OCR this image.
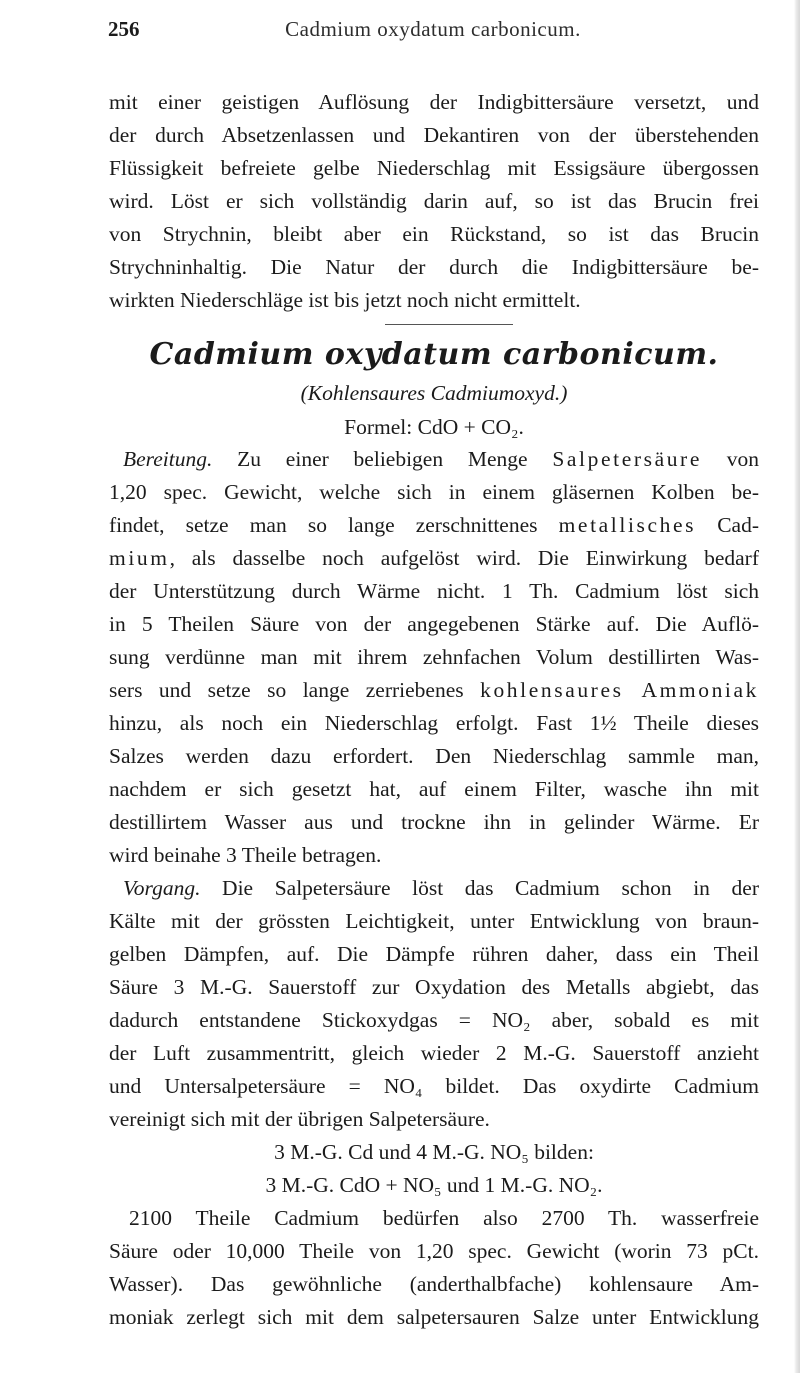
256	Cadmium oxydatum carbonicum.
mit einer geistigen Auflösung der Indigbittersäure versetzt, und
der durch Absetzenlassen und Dekantiren von der überstehenden
Flüssigkeit befreiete gelbe Niederschlag mit Essigsäure übergossen
wird. Löst er sich vollständig darin auf, so ist das Brucin frei
von Strychnin, bleibt aber ein Rückstand, so ist das Brucin
Strychninhaltig. Die Natur der durch die Indigbittersäure be-
wirkten Niederschläge ist bis jetzt noch nicht ermittelt.
Cadmium oxydatum carbonicum.
(Kohlensaures Cadmiumoxyd.)
Formel: CdO + CO₂.
Bereitung. Zu einer beliebigen Menge Salpetersäure von
1,20 spec. Gewicht, welche sich in einem gläsernen Kolben be-
findet, setze man so lange zerschnittenes metallisches Cad-
mium, als dasselbe noch aufgelöst wird. Die Einwirkung bedarf
der Unterstützung durch Wärme nicht. 1 Th. Cadmium löst sich
in 5 Theilen Säure von der angegebenen Stärke auf. Die Auflö-
sung verdünne man mit ihrem zehnfachen Volum destillirten Was-
sers und setze so lange zerriebenes kohlensaures Ammoniak
hinzu, als noch ein Niederschlag erfolgt. Fast 1½ Theile dieses
Salzes werden dazu erfordert. Den Niederschlag sammle man,
nachdem er sich gesetzt hat, auf einem Filter, wasche ihn mit
destillirtem Wasser aus und trockne ihn in gelinder Wärme. Er
wird beinahe 3 Theile betragen.
Vorgang. Die Salpetersäure löst das Cadmium schon in der
Kälte mit der grössten Leichtigkeit, unter Entwicklung von braun-
gelben Dämpfen, auf. Die Dämpfe rühren daher, dass ein Theil
Säure 3 M.-G. Sauerstoff zur Oxydation des Metalls abgiebt, das
dadurch entstandene Stickoxydgas = NO₂ aber, sobald es mit
der Luft zusammentritt, gleich wieder 2 M.-G. Sauerstoff anzieht
und Untersalpetersäure = NO₄ bildet. Das oxydirte Cadmium
vereinigt sich mit der übrigen Salpetersäure.
3 M.-G. Cd und 4 M.-G. NO₅ bilden:
3 M.-G. CdO + NO₅ und 1 M.-G. NO₂.
2100 Theile Cadmium bedürfen also 2700 Th. wasserfreie
Säure oder 10,000 Theile von 1,20 spec. Gewicht (worin 73 pCt.
Wasser). Das gewöhnliche (anderthalbfache) kohlensaure Am-
moniak zerlegt sich mit dem salpetersauren Salze unter Entwicklung
